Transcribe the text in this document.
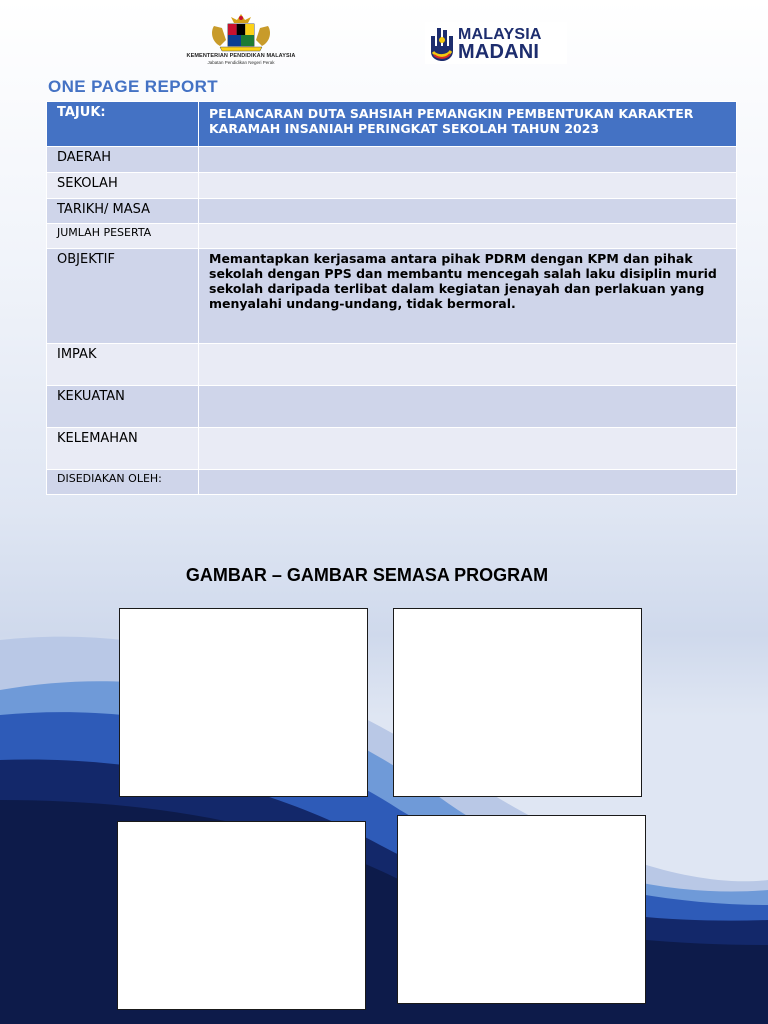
KEMENTERIAN PENDIDIKAN MALAYSIA
Jabatan Pendidikan Negeri Perak
MALAYSIA
MADANI
ONE PAGE REPORT
TAJUK:	PELANCARAN DUTA SAHSIAH PEMANGKIN PEMBENTUKAN KARAKTER KARAMAH INSANIAH PERINGKAT SEKOLAH TAHUN 2023

DAERAH	
SEKOLAH	
TARIKH/ MASA	
JUMLAH PESERTA	
OBJEKTIF	Memantapkan kerjasama antara pihak PDRM dengan KPM dan pihak sekolah dengan PPS dan membantu mencegah salah laku disiplin murid sekolah daripada terlibat dalam kegiatan jenayah dan perlakuan yang menyalahi undang-undang, tidak bermoral.

IMPAK	
KEKUATAN	
KELEMAHAN	
DISEDIAKAN OLEH:	
GAMBAR – GAMBAR SEMASA PROGRAM
